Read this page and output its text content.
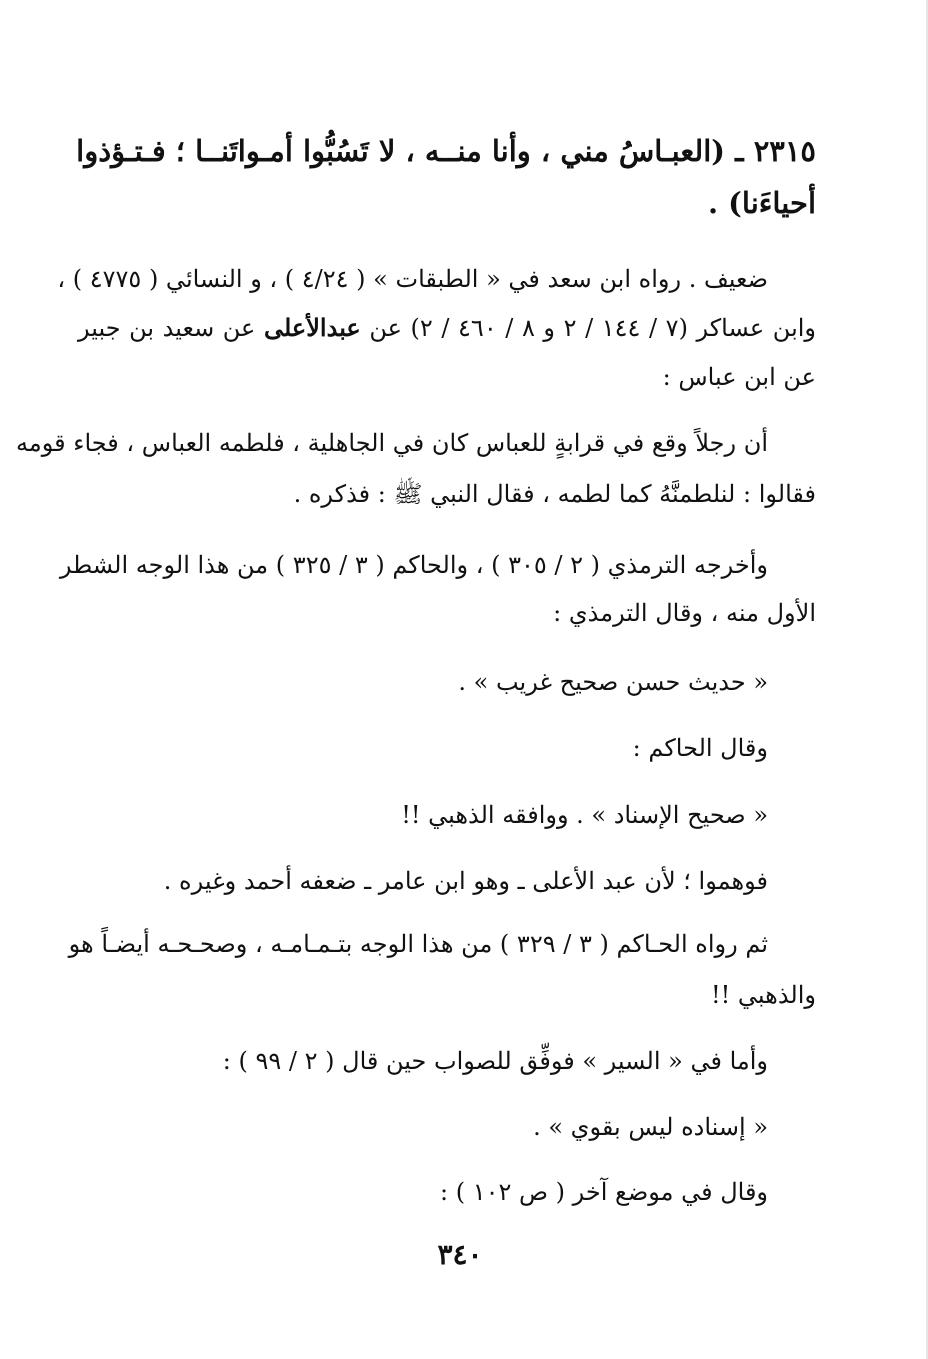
٢٣١٥ ـ (العبـاسُ مني ، وأنا منــه ، لا تَسُبُّوا أمـواتَنــا ؛ فـتـؤذوا
أحياءَنا) .
ضعيف . رواه ابن سعد في « الطبقات » ( ٤/٢٤ ) ، و النسائي ( ٤٧٧٥ ) ،
وابن عساكر (٧ / ١٤٤ / ٢ و ٨ / ٤٦٠ / ٢) عن عبدالأعلى عن سعيد بن جبير
عن ابن عباس :
أن رجلاً وقع في قرابةٍ للعباس كان في الجاهلية ، فلطمه العباس ، فجاء قومه
فقالوا : لنلطمنَّهُ كما لطمه ، فقال النبي ﷺ : فذكره .
وأخرجه الترمذي ( ٢ / ٣٠٥ ) ، والحاكم ( ٣ / ٣٢٥ ) من هذا الوجه الشطر
الأول منه ، وقال الترمذي :
« حديث حسن صحيح غريب » .
وقال الحاكم :
« صحيح الإسناد » . ووافقه الذهبي !!
فوهموا ؛ لأن عبد الأعلى ـ وهو ابن عامر ـ ضعفه أحمد وغيره .
ثم رواه الحـاكم ( ٣ / ٣٢٩ ) من هذا الوجه بتـمـامـه ، وصحـحـه أيضـاً هو
والذهبي !!
وأما في « السير » فوفِّق للصواب حين قال ( ٢ / ٩٩ ) :
« إسناده ليس بقوي » .
وقال في موضع آخر ( ص ١٠٢ ) :
٣٤٠
